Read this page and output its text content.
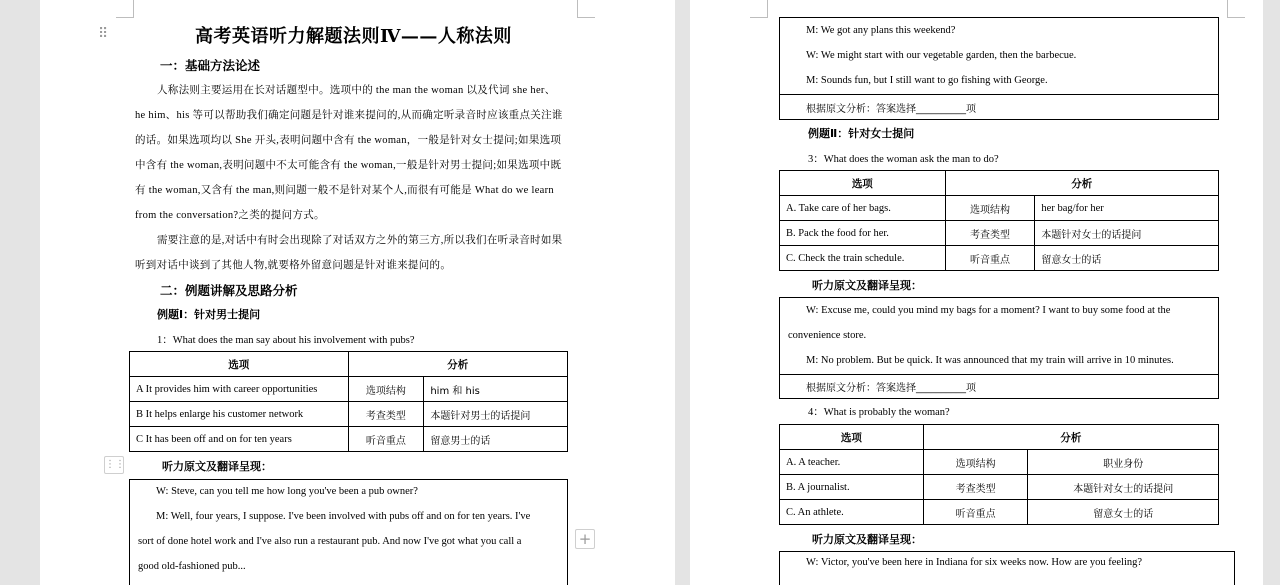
高考英语听力解题法则Ⅳ——人称法则
一：基础方法论述
人称法则主要运用在长对话题型中。选项中的 the man the woman 以及代词 she her、
he him、his 等可以帮助我们确定问题是针对谁来提问的,从而确定听录音时应该重点关注谁
的话。如果选项均以 She 开头,表明问题中含有 the woman，一般是针对女士提问;如果选项
中含有 the woman,表明问题中不太可能含有 the woman,一般是针对男士提问;如果选项中既
有 the woman,又含有 the man,则问题一般不是针对某个人,而很有可能是 What do we learn
from the conversation?之类的提问方式。
需要注意的是,对话中有时会出现除了对话双方之外的第三方,所以我们在听录音时如果
听到对话中谈到了其他人物,就要格外留意问题是针对谁来提问的。
二：例题讲解及思路分析
例题Ⅰ：针对男士提问
1：What does the man say about his involvement with pubs?
选项	分析	
A It provides him with career opportunities	选项结构	him 和 his
B It helps enlarge his customer network	考查类型	本题针对男士的话提问
C It has been off and on for ten years	听音重点	留意男士的话
听力原文及翻译呈现：
W: Steve, can you tell me how long you've been a pub owner?
M: Well, four years, I suppose. I've been involved with pubs off and on for ten years. I've
sort of done hotel work and I've also run a restaurant pub. And now I've got what you call a
good old-fashioned pub...
⠿
⋮⋮
+
M: We got any plans this weekend?
W: We might start with our vegetable garden, then the barbecue.
M: Sounds fun, but I still want to go fishing with George.
根据原文分析：答案选择__________项
例题Ⅱ：针对女士提问
3：What does the woman ask the man to do?
选项	分析	
A. Take care of her bags.	选项结构	her bag/for her
B. Pack the food for her.	考查类型	本题针对女士的话提问
C. Check the train schedule.	听音重点	留意女士的话
听力原文及翻译呈现：
W: Excuse me, could you mind my bags for a moment? I want to buy some food at the
convenience store.
M: No problem. But be quick. It was announced that my train will arrive in 10 minutes.
根据原文分析：答案选择__________项
4：What is probably the woman?
选项	分析	
A. A teacher.	选项结构	职业身份
B. A journalist.	考查类型	本题针对女士的话提问
C. An athlete.	听音重点	留意女士的话
听力原文及翻译呈现：
W: Victor, you've been here in Indiana for six weeks now. How are you feeling?
